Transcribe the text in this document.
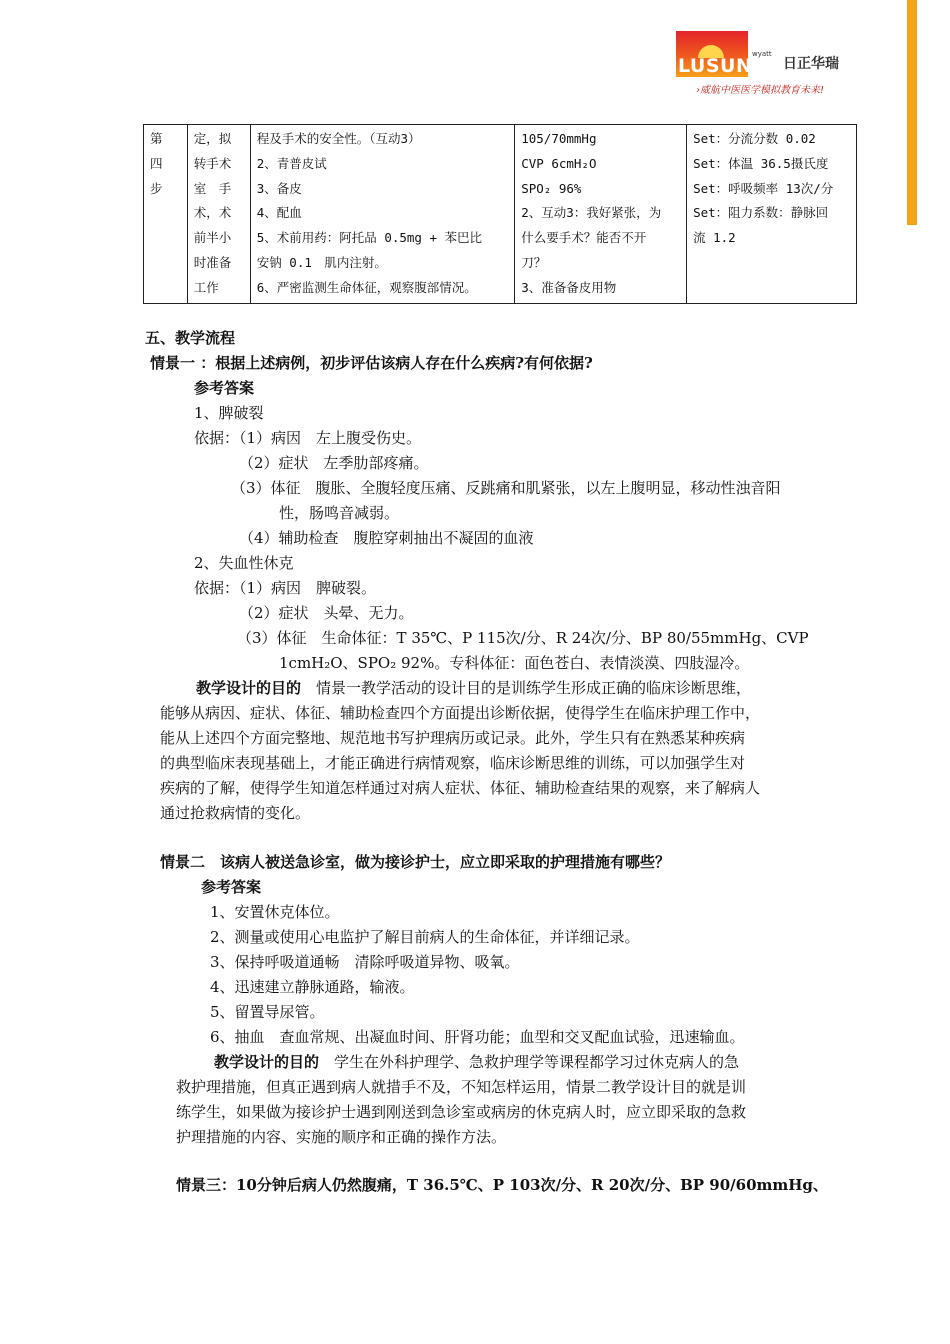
LUSUN
wyatt
日正华瑞
›威航中医医学模拟教育未来!
第
四
步

定，拟
转手术
室　手
术，术
前半小
时准备
工作

程及手术的安全性。（互动3）
2、青普皮试
3、备皮
4、配血
5、术前用药：阿托品 0.5mg + 苯巴比
安钠 0.1　肌内注射。
6、严密监测生命体征，观察腹部情况。

105/70mmHg
CVP 6cmH₂O
SPO₂ 96%
2、互动3：我好紧张，为
什么要手术？能否不开
刀？
3、准备备皮用物

Set：分流分数 0.02
Set：体温 36.5摄氏度
Set：呼吸频率 13次/分
Set：阻力系数：静脉回
流 1.2
五、教学流程
情景一 ：根据上述病例，初步评估该病人存在什么疾病?有何依据?
参考答案
1、脾破裂
依据：（1）病因　左上腹受伤史。
（2）症状　左季肋部疼痛。
（3）体征　腹胀、全腹轻度压痛、反跳痛和肌紧张，以左上腹明显，移动性浊音阳
性，肠鸣音减弱。
（4）辅助检查　腹腔穿刺抽出不凝固的血液
2、失血性休克
依据：（1）病因　脾破裂。
（2）症状　头晕、无力。
（3）体征　生命体征：T 35℃、P 115次/分、R 24次/分、BP 80/55mmHg、CVP
1cmH₂O、SPO₂ 92%。专科体征：面色苍白、表情淡漠、四肢湿冷。
教学设计的目的　情景一教学活动的设计目的是训练学生形成正确的临床诊断思维，
能够从病因、症状、体征、辅助检查四个方面提出诊断依据，使得学生在临床护理工作中，
能从上述四个方面完整地、规范地书写护理病历或记录。此外，学生只有在熟悉某种疾病
的典型临床表现基础上，才能正确进行病情观察，临床诊断思维的训练，可以加强学生对
疾病的了解，使得学生知道怎样通过对病人症状、体征、辅助检查结果的观察，来了解病人
通过抢救病情的变化。
情景二　该病人被送急诊室，做为接诊护士，应立即采取的护理措施有哪些？
参考答案
1、安置休克体位。
2、测量或使用心电监护了解目前病人的生命体征，并详细记录。
3、保持呼吸道通畅　清除呼吸道异物、吸氧。
4、迅速建立静脉通路，输液。
5、留置导尿管。
6、抽血　查血常规、出凝血时间、肝肾功能；血型和交叉配血试验，迅速输血。
教学设计的目的　学生在外科护理学、急救护理学等课程都学习过休克病人的急
救护理措施，但真正遇到病人就措手不及，不知怎样运用，情景二教学设计目的就是训
练学生，如果做为接诊护士遇到刚送到急诊室或病房的休克病人时，应立即采取的急救
护理措施的内容、实施的顺序和正确的操作方法。
情景三：10分钟后病人仍然腹痛，T 36.5℃、P 103次/分、R 20次/分、BP 90/60mmHg、
